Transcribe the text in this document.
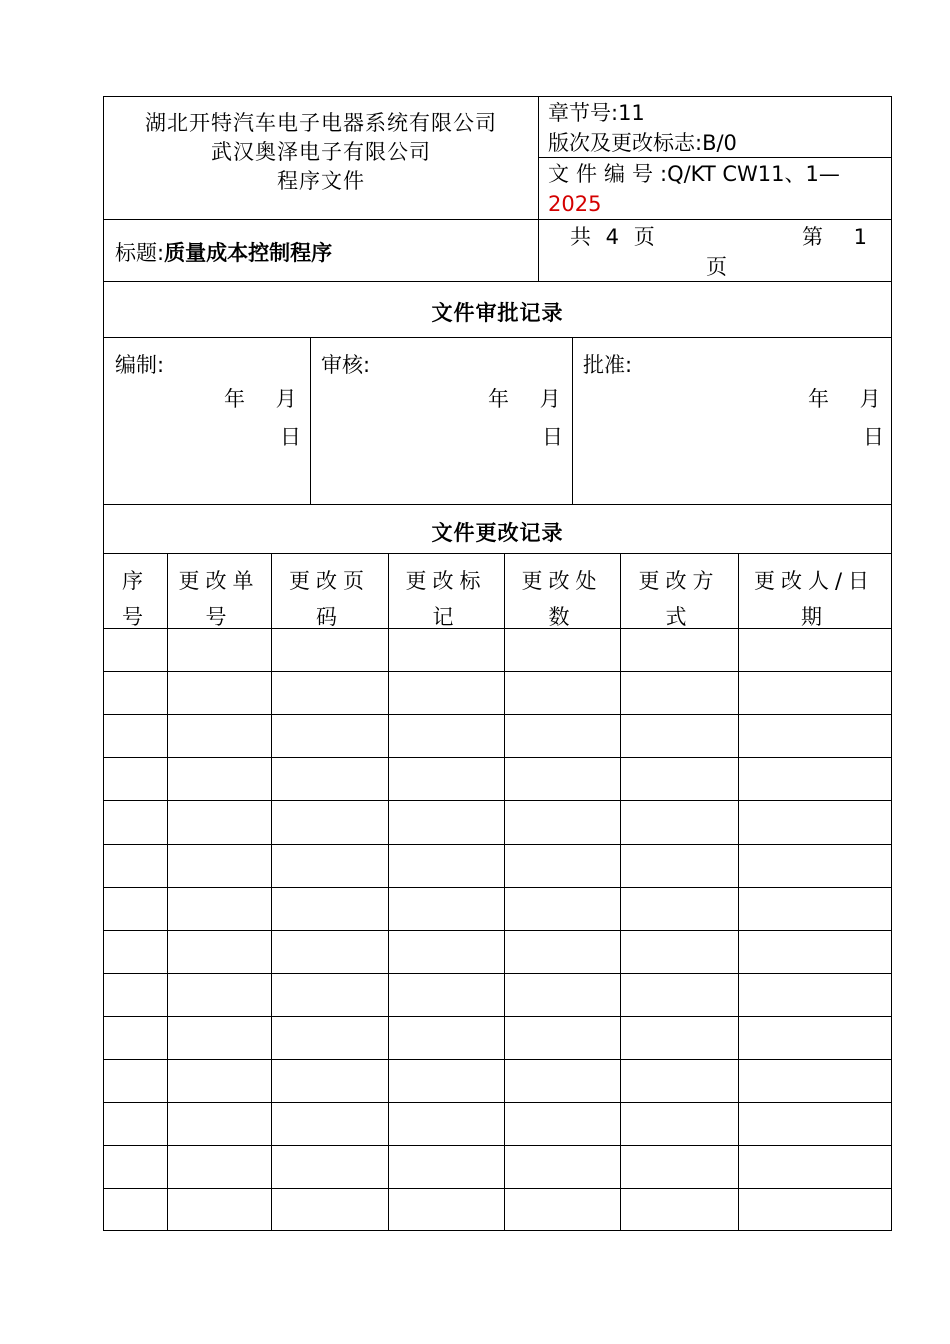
湖北开特汽车电子电器系统有限公司
武汉奥泽电子有限公司
程序文件
章节号:11
版次及更改标志:B/0
文件编号:Q/KT CW11、1—
2025
标题:质量成本控制程序
共 4 页	第 1
页
文件审批记录
编制:
年 月
日
审核:
年 月
日
批准:
年 月
日
文件更改记录
序号
更改单号
更改页码
更改标记
更改处数
更改方式
更改人/日期
